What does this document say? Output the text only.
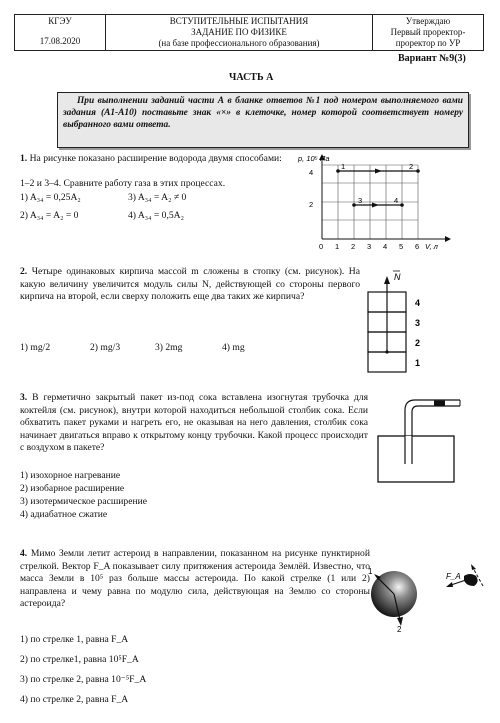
КГЭУ
17.08.2020

ВСТУПИТЕЛЬНЫЕ ИСПЫТАНИЯ
ЗАДАНИЕ ПО ФИЗИКЕ
(на базе профессионального образования)

Утверждаю
Первый проректор-
проректор по УР
Вариант №9(3)
ЧАСТЬ А
При выполнении заданий части А в бланке ответов №1 под номером выполняемого вами задания (А1-А10) поставьте знак «×» в клеточке, номер которой соответствует номеру выбранного вами ответа.
1. На рисунке показано расширение водорода двумя способами:
1–2 и 3–4. Сравните работу газа в этих процессах.
1) A₃₄ = 0,25A₂	3) A₃₄ = A₂ ≠ 0
2) A₃₄ = A₂ = 0	4) A₃₄ = 0,5A₂
p, 10⁵ Па
4
2
0 1 2 3 4 5 6 V, л
1	2
3	4
2. Четыре одинаковых кирпича массой m сложены в стопку (см. рисунок). На какую величину увеличится модуль силы N, действующей со стороны первого кирпича на второй, если сверху положить еще два таких же кирпича?
1) mg/2	2) mg/3	3) 2mg	4) mg
N
4
3
2
1
3. В герметично закрытый пакет из-под сока вставлена изогнутая трубочка для коктейля (см. рисунок), внутри которой находиться небольшой столбик сока. Если обхватить пакет руками и нагреть его, не оказывая на него давления, столбик сока начинает двигаться вправо к открытому концу трубочки. Какой процесс происходит с воздухом в пакете?
1) изохорное нагревание
2) изобарное расширение
3) изотермическое расширение
4) адиабатное сжатие
4. Мимо Земли летит астероид в направлении, показанном на рисунке пунктирной стрелкой. Вектор F_A показывает силу притяжения астероида Землёй. Известно, что масса Земли в 10⁵ раз больше массы астероида. По какой стрелке (1 или 2) направлена и чему равна по модулю сила, действующая на Землю со стороны астероида?
1) по стрелке 1, равна F_A
2) по стрелке1, равна 10⁵F_A
3) по стрелке 2, равна 10⁻⁵F_A
4) по стрелке 2, равна F_A
1
2
F_A
